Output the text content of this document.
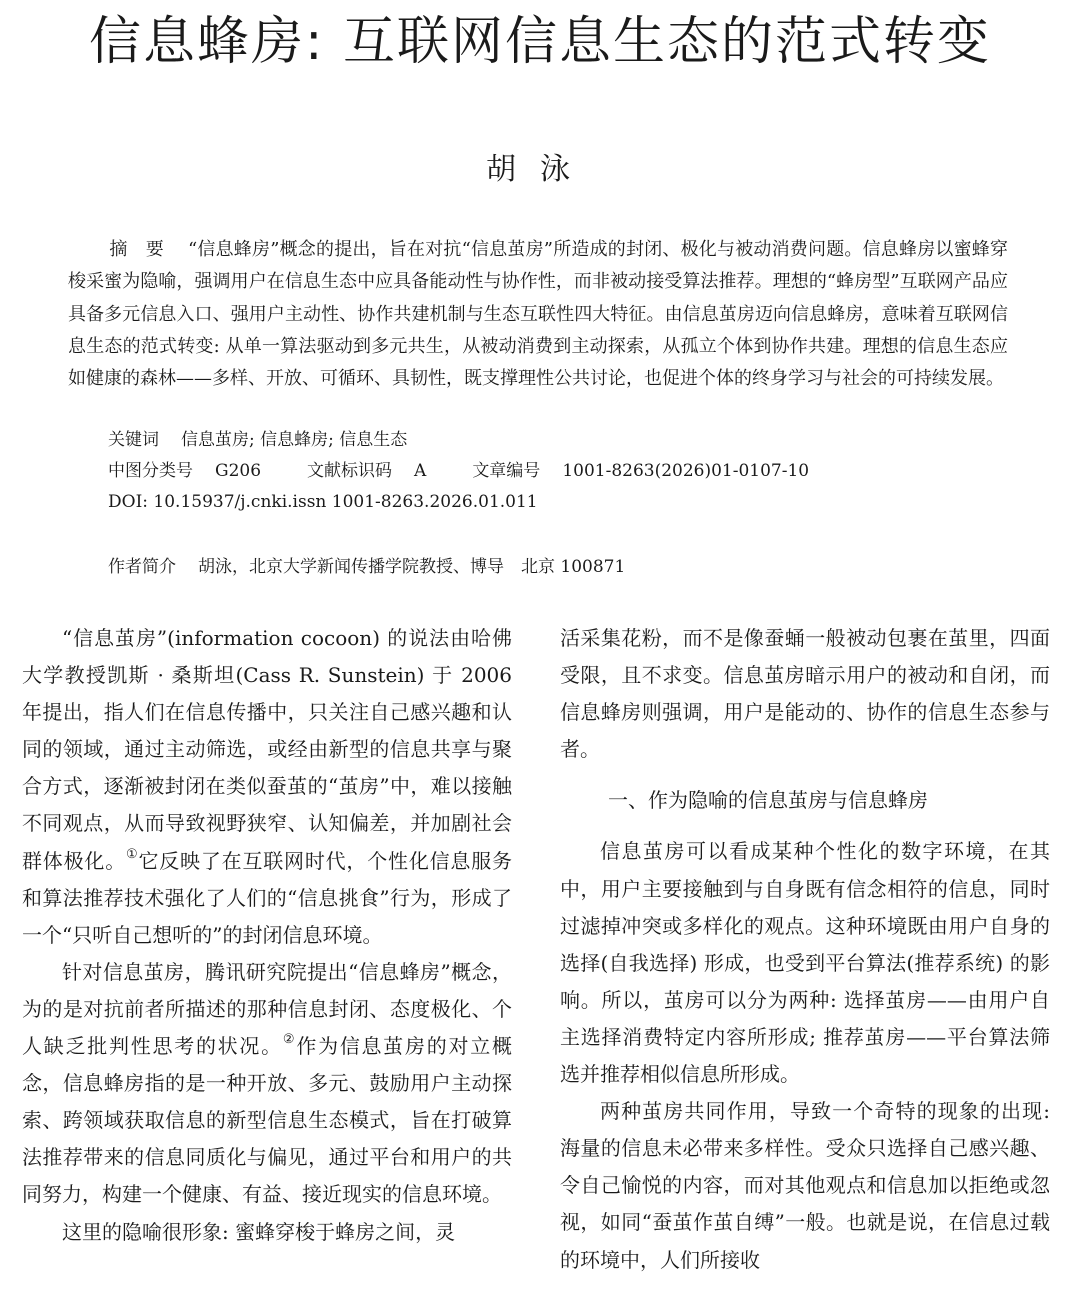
信息蜂房: 互联网信息生态的范式转变
胡泳

摘　要 “信息蜂房”概念的提出，旨在对抗“信息茧房”所造成的封闭、极化与被动消费问题。信息蜂房以蜜蜂穿梭采蜜为隐喻，强调用户在信息生态中应具备能动性与协作性，而非被动接受算法推荐。理想的“蜂房型”互联网产品应具备多元信息入口、强用户主动性、协作共建机制与生态互联性四大特征。由信息茧房迈向信息蜂房，意味着互联网信息生态的范式转变: 从单一算法驱动到多元共生，从被动消费到主动探索，从孤立个体到协作共建。理想的信息生态应如健康的森林——多样、开放、可循环、具韧性，既支撑理性公共讨论，也促进个体的终身学习与社会的可持续发展。

关键词 信息茧房; 信息蜂房; 信息生态
中图分类号 G206	文献标识码 A	文章编号 1001-8263(2026)01-0107-10
DOI: 10.15937/j.cnki.issn 1001-8263.2026.01.011
作者简介 胡泳，北京大学新闻传播学院教授、博导　北京 100871

“信息茧房”(information cocoon) 的说法由哈佛大学教授凯斯 · 桑斯坦(Cass R. Sunstein) 于 2006 年提出，指人们在信息传播中，只关注自己感兴趣和认同的领域，通过主动筛选，或经由新型的信息共享与聚合方式，逐渐被封闭在类似蚕茧的“茧房”中，难以接触不同观点，从而导致视野狭窄、认知偏差，并加剧社会群体极化。①它反映了在互联网时代，个性化信息服务和算法推荐技术强化了人们的“信息挑食”行为，形成了一个“只听自己想听的”的封闭信息环境。

针对信息茧房，腾讯研究院提出“信息蜂房”概念，为的是对抗前者所描述的那种信息封闭、态度极化、个人缺乏批判性思考的状况。②作为信息茧房的对立概念，信息蜂房指的是一种开放、多元、鼓励用户主动探索、跨领域获取信息的新型信息生态模式，旨在打破算法推荐带来的信息同质化与偏见，通过平台和用户的共同努力，构建一个健康、有益、接近现实的信息环境。

这里的隐喻很形象: 蜜蜂穿梭于蜂房之间，灵

活采集花粉，而不是像蚕蛹一般被动包裹在茧里，四面受限，且不求变。信息茧房暗示用户的被动和自闭，而信息蜂房则强调，用户是能动的、协作的信息生态参与者。

一、作为隐喻的信息茧房与信息蜂房

信息茧房可以看成某种个性化的数字环境，在其中，用户主要接触到与自身既有信念相符的信息，同时过滤掉冲突或多样化的观点。这种环境既由用户自身的选择(自我选择) 形成，也受到平台算法(推荐系统) 的影响。所以，茧房可以分为两种: 选择茧房——由用户自主选择消费特定内容所形成; 推荐茧房——平台算法筛选并推荐相似信息所形成。

两种茧房共同作用，导致一个奇特的现象的出现: 海量的信息未必带来多样性。受众只选择自己感兴趣、令自己愉悦的内容，而对其他观点和信息加以拒绝或忽视，如同“蚕茧作茧自缚”一般。也就是说，在信息过载的环境中，人们所接收
